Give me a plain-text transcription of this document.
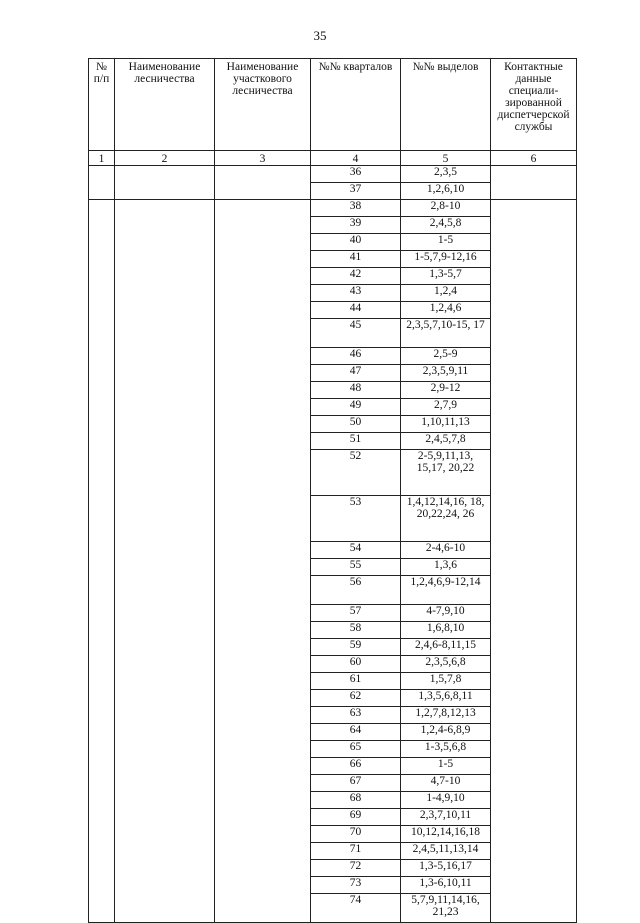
35
№ п/п	Наименование лесничества	Наименование участкового лесничества	№№ кварталов	№№ выделов	Контактные данные специали-зированной диспетчерской службы
1	2	3	4	5	6
			36	2,3,5	
			37	1,2,6,10	
			38	2,8-10	
			39	2,4,5,8	
			40	1-5	
			41	1-5,7,9-12,16	
			42	1,3-5,7	
			43	1,2,4	
			44	1,2,4,6	
			45	2,3,5,7,10-15, 17	
			46	2,5-9	
			47	2,3,5,9,11	
			48	2,9-12	
			49	2,7,9	
			50	1,10,11,13	
			51	2,4,5,7,8	
			52	2-5,9,11,13, 15,17, 20,22	
			53	1,4,12,14,16, 18, 20,22,24, 26	
			54	2-4,6-10	
			55	1,3,6	
			56	1,2,4,6,9-12,14	
			57	4-7,9,10	
			58	1,6,8,10	
			59	2,4,6-8,11,15	
			60	2,3,5,6,8	
			61	1,5,7,8	
			62	1,3,5,6,8,11	
			63	1,2,7,8,12,13	
			64	1,2,4-6,8,9	
			65	1-3,5,6,8	
			66	1-5	
			67	4,7-10	
			68	1-4,9,10	
			69	2,3,7,10,11	
			70	10,12,14,16,18	
			71	2,4,5,11,13,14	
			72	1,3-5,16,17	
			73	1,3-6,10,11	
			74	5,7,9,11,14,16, 21,23	
